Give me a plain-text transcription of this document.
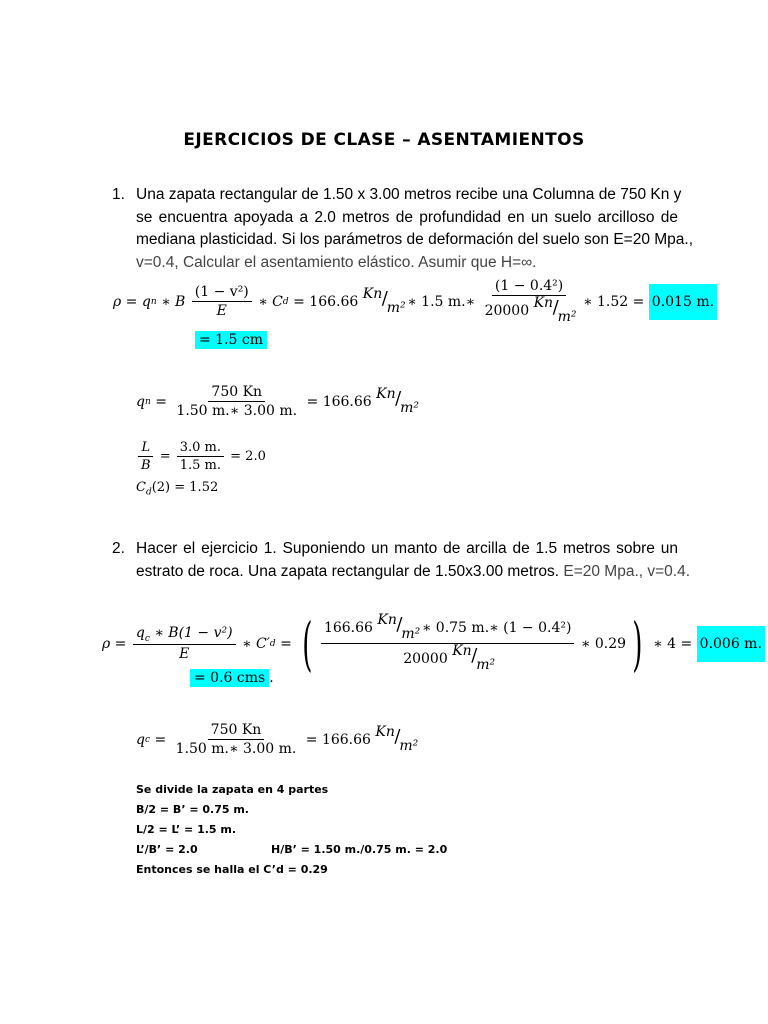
EJERCICIOS DE CLASE – ASENTAMIENTOS
1. Una zapata rectangular de 1.50 x 3.00 metros recibe una Columna de 750 Kn y
se encuentra apoyada a 2.0 metros de profundidad en un suelo arcilloso de
mediana plasticidad. Si los parámetros de deformación del suelo son E=20 Mpa.,
v=0.4, Calcular el asentamiento elástico. Asumir que H=∞.
ρ = q n ∗ B $\frac{\text{(1 − v²)}}{E}$ ∗ C d = 166.66 Kn /
m²
∗ 1.5 m.∗ (1 − 0.4²)
20000 Kn /
m² ∗ 1.52 = 0.015 m.
= 1.5 cm
q $n = \frac{750 Kn}{1.50 m.∗ 3.00 m.} = 166.66$ Kn /
m²
$\frac{L}{B} = \frac{3.0 m.}{1.5 m.} = 2.0$
$C_d(2) = 1.52$
2. Hacer el ejercicio 1. Suponiendo un manto de arcilla de 1.5 metros sobre un
estrato de roca. Una zapata rectangular de 1.50x3.00 metros. E=20 Mpa., v=0.4.
$\rho = \frac{q_c ∗ B(1 - v^2)}{E}$ ∗ C′ d = ( 166.66 Kn /
m²
∗ 0.75 m.∗ (1 − 0.4²)
20000 Kn /
m² ∗ 0.29 ) ∗ 4 = 0.006 m.
= 0.6 cms .
q $c = \frac{750 Kn}{1.50 m.∗ 3.00 m.} = 166.66$ Kn /
m²
Se divide la zapata en 4 partes
B/2 = B’ = 0.75 m.
L/2 = L’ = 1.5 m.
L’/B’ = 2.0	H/B’ = 1.50 m./0.75 m. = 2.0
Entonces se halla el C’d = 0.29
